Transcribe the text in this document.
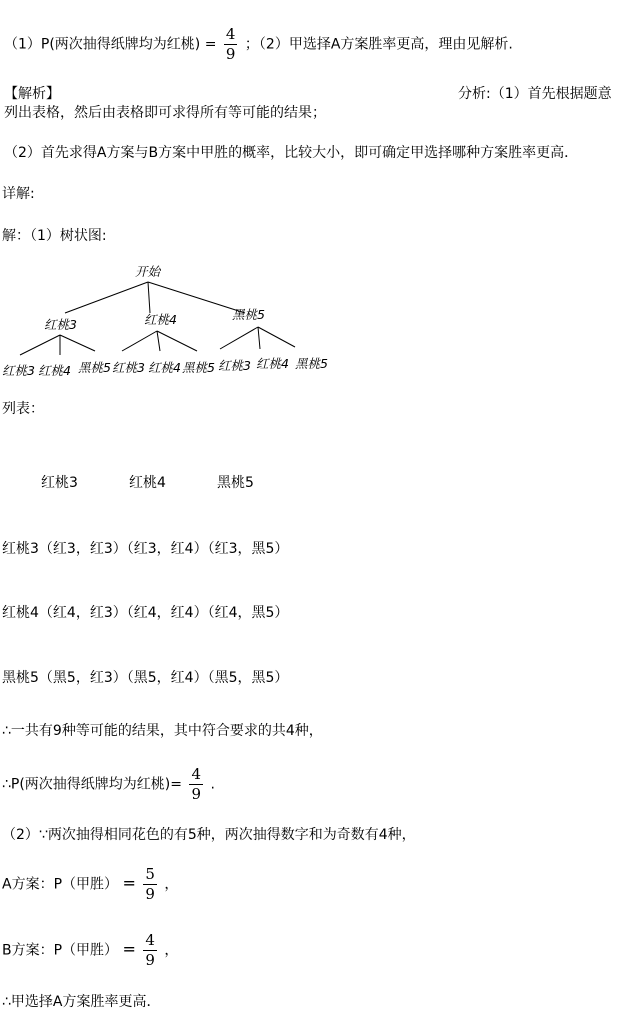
（1）P(两次抽得纸牌均为红桃) = $\frac{4}{9}$ ；（2）甲选择A方案胜率更高，理由见解析.
【解析】	分析:（1）首先根据题意
列出表格，然后由表格即可求得所有等可能的结果；
（2）首先求得A方案与B方案中甲胜的概率，比较大小，即可确定甲选择哪种方案胜率更高．
详解:
解：（1）树状图:
开始
红桃3	红桃4	黑桃5
红桃3 红桃4 黑桃5 红桃3 红桃4 黑桃5 红桃3 红桃4 黑桃5
列表：
红桃3	红桃4	黑桃5
红桃3（红3，红3）（红3，红4）（红3，黑5）
红桃4（红4，红3）（红4，红4）（红4，黑5）
黑桃5（黑5，红3）（黑5，红4）（黑5，黑5）
∴一共有9种等可能的结果，其中符合要求的共4种，
∴P(两次抽得纸牌均为红桃)= $\frac{4}{9}$ .
（2）∵两次抽得相同花色的有5种，两次抽得数字和为奇数有4种，
A方案：P（甲胜） = $\frac{5}{9}$ ，
B方案：P（甲胜） = $\frac{4}{9}$ ，
∴甲选择A方案胜率更高．
